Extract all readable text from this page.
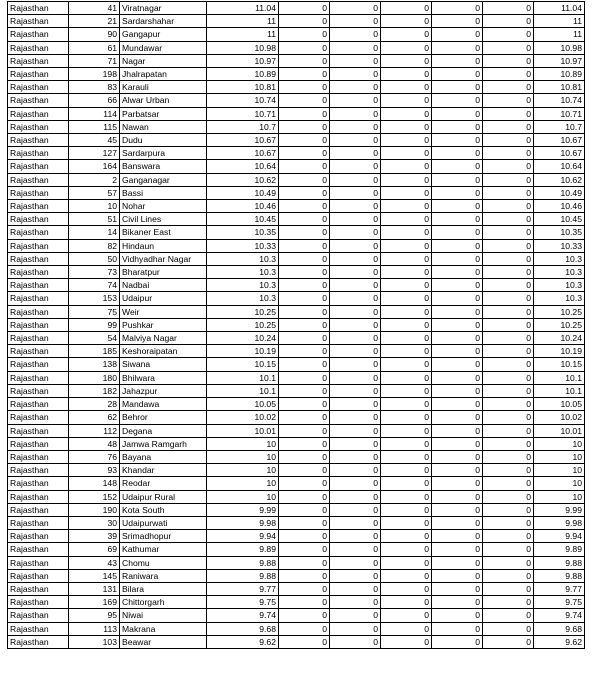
Rajasthan	41	Viratnagar	11.04	0	0	0	0	0	11.04
Rajasthan	21	Sardarshahar	11	0	0	0	0	0	11
Rajasthan	90	Gangapur	11	0	0	0	0	0	11
Rajasthan	61	Mundawar	10.98	0	0	0	0	0	10.98
Rajasthan	71	Nagar	10.97	0	0	0	0	0	10.97
Rajasthan	198	Jhalrapatan	10.89	0	0	0	0	0	10.89
Rajasthan	83	Karauli	10.81	0	0	0	0	0	10.81
Rajasthan	66	Alwar Urban	10.74	0	0	0	0	0	10.74
Rajasthan	114	Parbatsar	10.71	0	0	0	0	0	10.71
Rajasthan	115	Nawan	10.7	0	0	0	0	0	10.7
Rajasthan	45	Dudu	10.67	0	0	0	0	0	10.67
Rajasthan	127	Sardarpura	10.67	0	0	0	0	0	10.67
Rajasthan	164	Banswara	10.64	0	0	0	0	0	10.64
Rajasthan	2	Ganganagar	10.62	0	0	0	0	0	10.62
Rajasthan	57	Bassi	10.49	0	0	0	0	0	10.49
Rajasthan	10	Nohar	10.46	0	0	0	0	0	10.46
Rajasthan	51	Civil Lines	10.45	0	0	0	0	0	10.45
Rajasthan	14	Bikaner East	10.35	0	0	0	0	0	10.35
Rajasthan	82	Hindaun	10.33	0	0	0	0	0	10.33
Rajasthan	50	Vidhyadhar Nagar	10.3	0	0	0	0	0	10.3
Rajasthan	73	Bharatpur	10.3	0	0	0	0	0	10.3
Rajasthan	74	Nadbai	10.3	0	0	0	0	0	10.3
Rajasthan	153	Udaipur	10.3	0	0	0	0	0	10.3
Rajasthan	75	Weir	10.25	0	0	0	0	0	10.25
Rajasthan	99	Pushkar	10.25	0	0	0	0	0	10.25
Rajasthan	54	Malviya Nagar	10.24	0	0	0	0	0	10.24
Rajasthan	185	Keshoraipatan	10.19	0	0	0	0	0	10.19
Rajasthan	138	Siwana	10.15	0	0	0	0	0	10.15
Rajasthan	180	Bhilwara	10.1	0	0	0	0	0	10.1
Rajasthan	182	Jahazpur	10.1	0	0	0	0	0	10.1
Rajasthan	28	Mandawa	10.05	0	0	0	0	0	10.05
Rajasthan	62	Behror	10.02	0	0	0	0	0	10.02
Rajasthan	112	Degana	10.01	0	0	0	0	0	10.01
Rajasthan	48	Jamwa Ramgarh	10	0	0	0	0	0	10
Rajasthan	76	Bayana	10	0	0	0	0	0	10
Rajasthan	93	Khandar	10	0	0	0	0	0	10
Rajasthan	148	Reodar	10	0	0	0	0	0	10
Rajasthan	152	Udaipur Rural	10	0	0	0	0	0	10
Rajasthan	190	Kota South	9.99	0	0	0	0	0	9.99
Rajasthan	30	Udaipurwati	9.98	0	0	0	0	0	9.98
Rajasthan	39	Srimadhopur	9.94	0	0	0	0	0	9.94
Rajasthan	69	Kathumar	9.89	0	0	0	0	0	9.89
Rajasthan	43	Chomu	9.88	0	0	0	0	0	9.88
Rajasthan	145	Raniwara	9.88	0	0	0	0	0	9.88
Rajasthan	131	Bilara	9.77	0	0	0	0	0	9.77
Rajasthan	169	Chittorgarh	9.75	0	0	0	0	0	9.75
Rajasthan	95	Niwai	9.74	0	0	0	0	0	9.74
Rajasthan	113	Makrana	9.68	0	0	0	0	0	9.68
Rajasthan	103	Beawar	9.62	0	0	0	0	0	9.62
